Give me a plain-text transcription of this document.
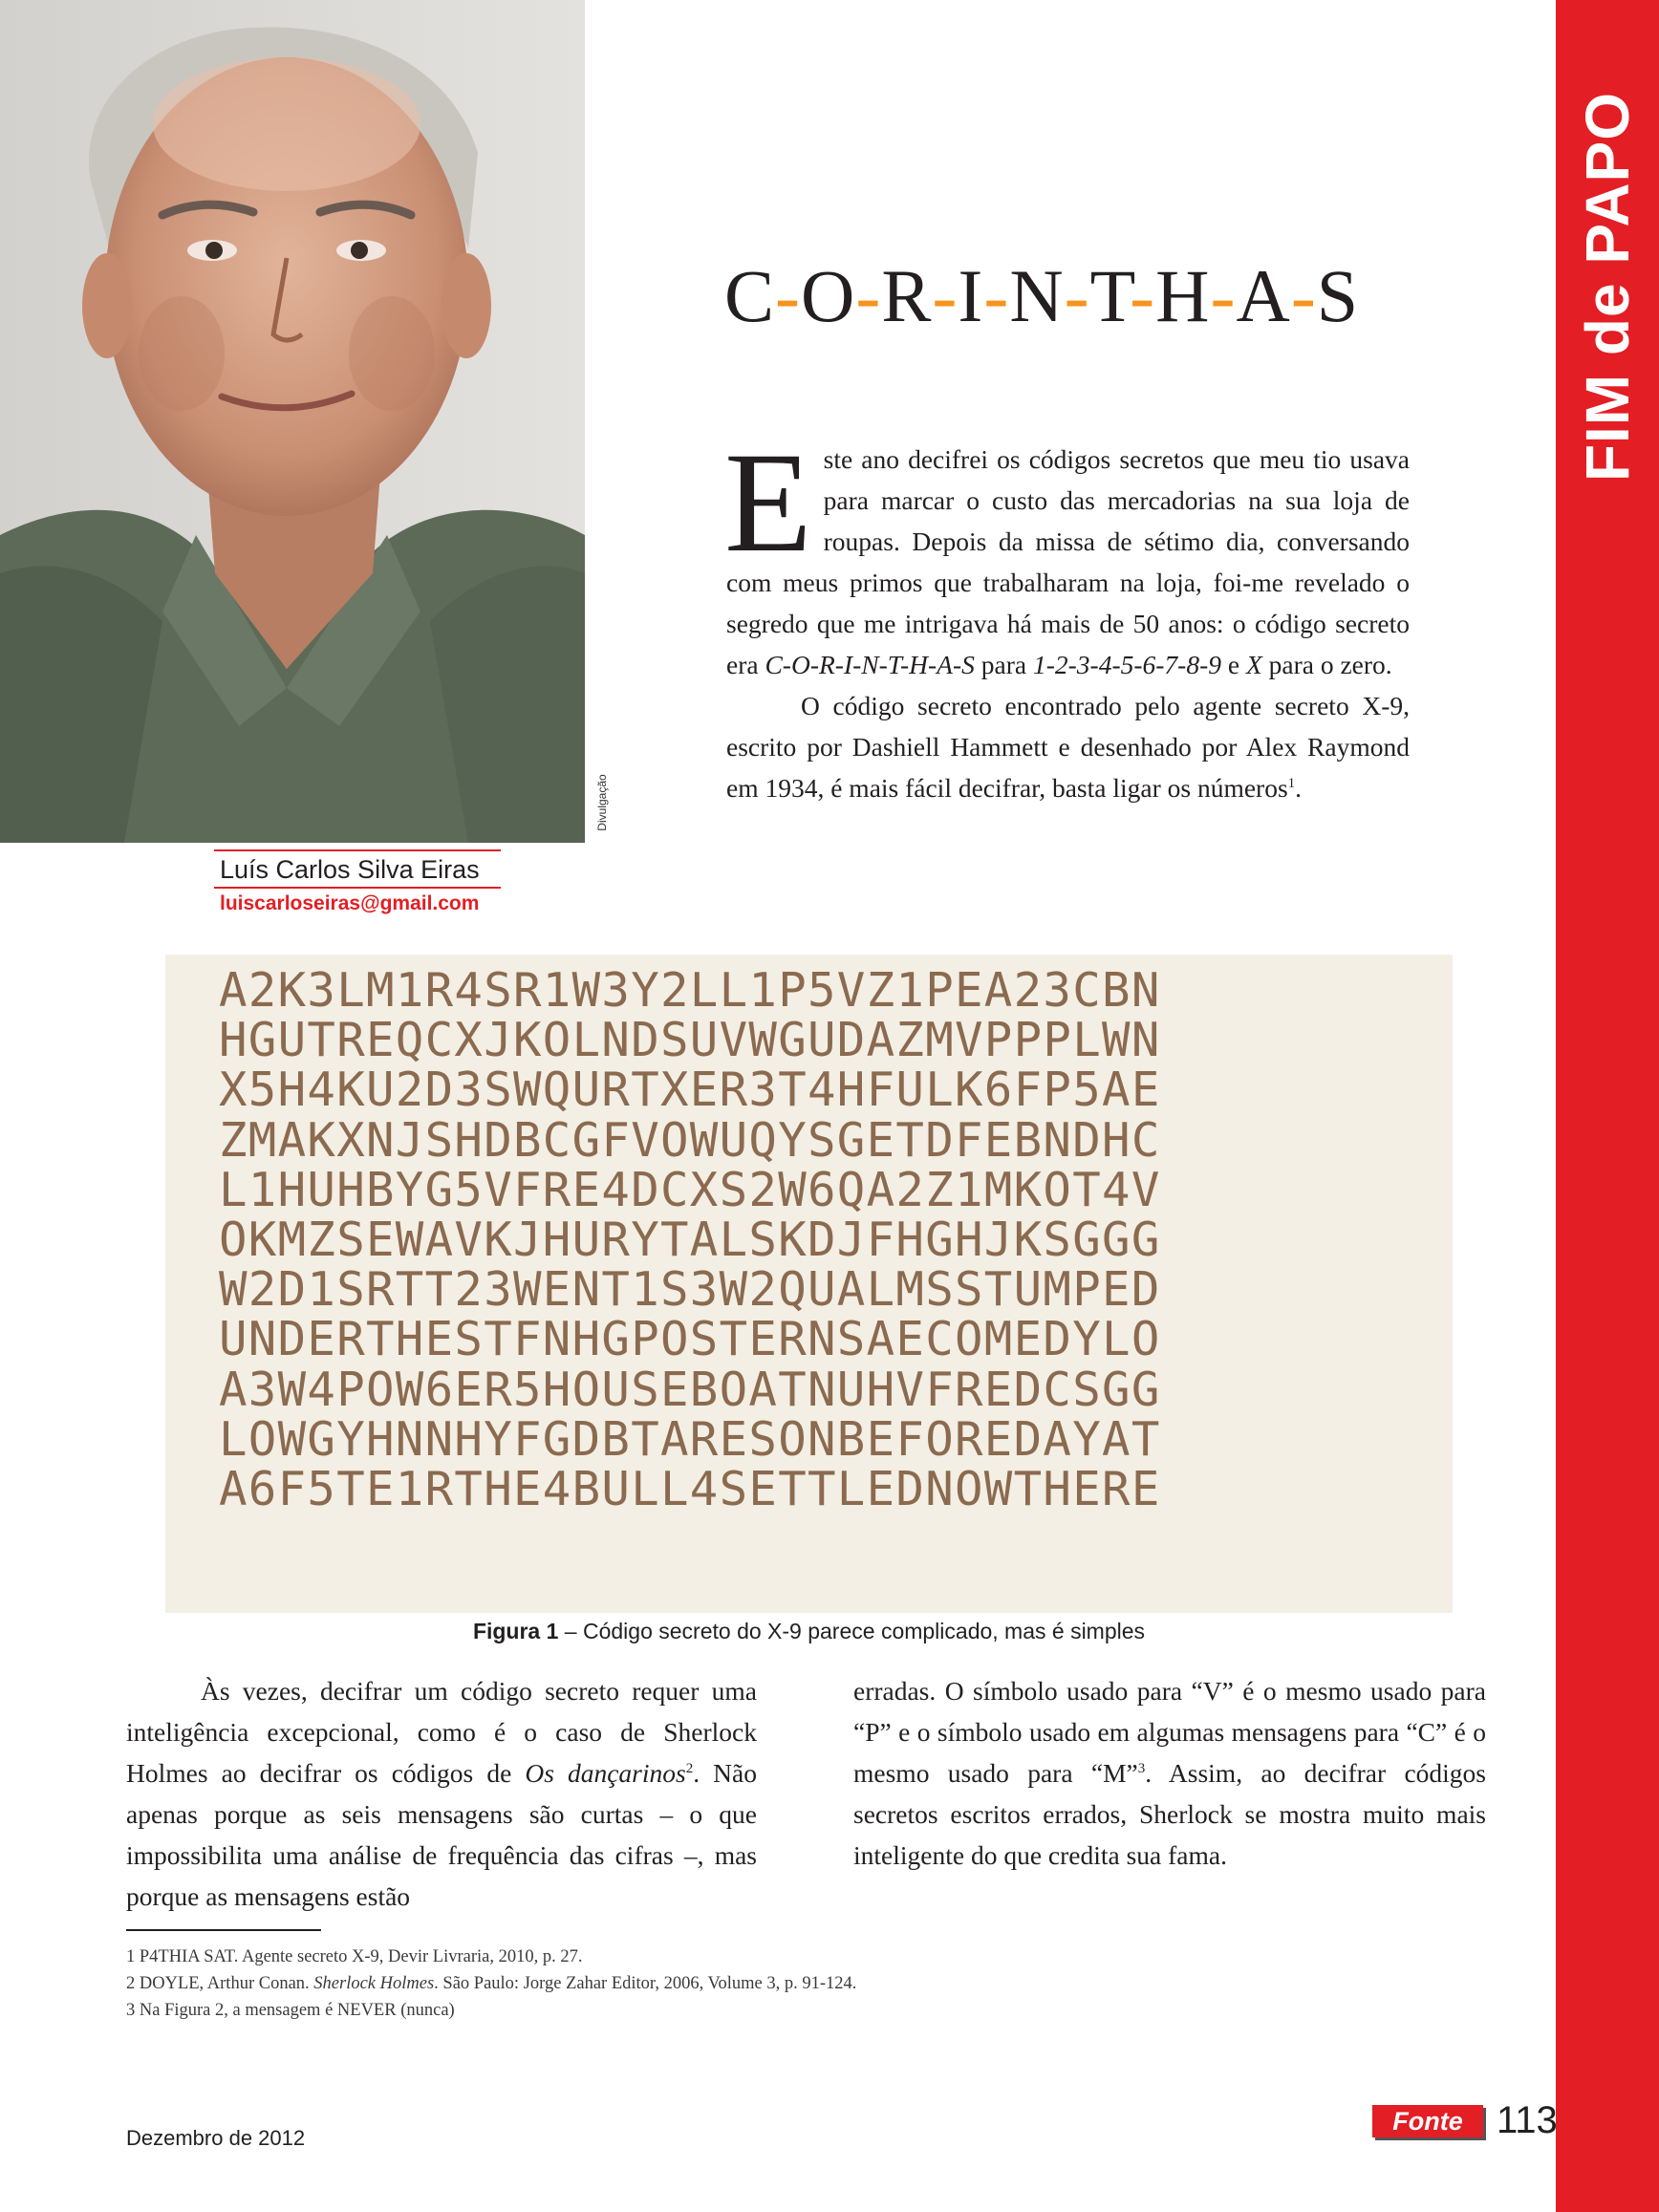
FIM de PAPO
Divulgação
Luís Carlos Silva Eiras
luiscarloseiras@gmail.com
C-O-R-I-N-T-H-A-S

Este ano decifrei os códigos secretos que meu tio usava para marcar o custo das mercadorias na sua loja de roupas. Depois da missa de sétimo dia, conversando com meus primos que trabalharam na loja, foi-me revelado o segredo que me intrigava há mais de 50 anos: o código secreto era C-O-R-I-N-T-H-A-S para 1-2-3-4-5-6-7-8-9 e X para o zero.

O código secreto encontrado pelo agente secreto X-9, escrito por Dashiell Hammett e desenhado por Alex Raymond em 1934, é mais fácil decifrar, basta ligar os números$^1$.

A2K3LM1R4SR1W3Y2LL1P5VZ1PEA23CBN
HGUTREQCXJKOLNDSUVWGUDAZMVPPPLWN
X5H4KU2D3SWQURTXER3T4HFULK6FP5AE
ZMAKXNJSHDBCGFVOWUQYSGETDFEBNDHC
L1HUHBYG5VFRE4DCXS2W6QA2Z1MKOT4V
OKMZSEWAVKJHURYTALSKDJFHGHJKSGGG
W2D1SRTT23WENT1S3W2QUALMSSTUMPED
UNDERTHESTFNHGPOSTERNSAECOMEDYLO
A3W4POW6ER5HOUSEBOATNUHVFREDCSGG
LOWGYHNNHYFGDBTARESONBEFOREDAYAT
A6F5TE1RTHE4BULL4SETTLEDNOWTHERE
Figura 1 – Código secreto do X-9 parece complicado, mas é simples
Às vezes, decifrar um código secreto requer uma inteligência excepcional, como é o caso de Sherlock Holmes ao decifrar os códigos de Os dançarinos$^2$. Não apenas porque as seis mensagens são curtas – o que impossibilita uma análise de frequência das cifras –, mas porque as mensagens estão
erradas. O símbolo usado para “V” é o mesmo usado para “P” e o símbolo usado em algumas mensagens para “C” é o mesmo usado para “M”$^3$. Assim, ao decifrar códigos secretos escritos errados, Sherlock se mostra muito mais inteligente do que credita sua fama.
1 P4THIA SAT. Agente secreto X-9, Devir Livraria, 2010, p. 27.
2 DOYLE, Arthur Conan. Sherlock Holmes. São Paulo: Jorge Zahar Editor, 2006, Volume 3, p. 91-124.
3 Na Figura 2, a mensagem é NEVER (nunca)
Dezembro de 2012
Fonte 113
